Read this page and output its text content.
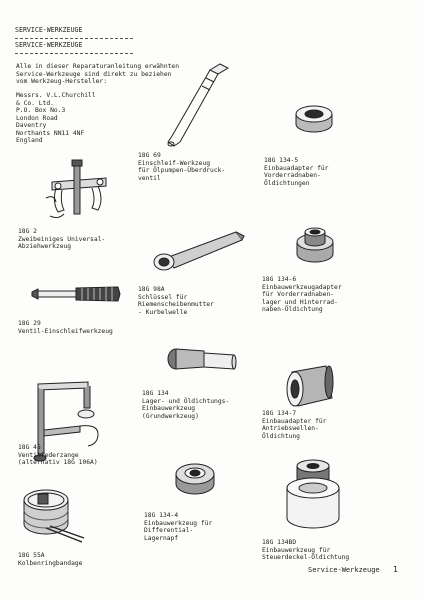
SERVICE-WERKZEUGE
SERVICE-WERKZEUGE
Alle in dieser Reparaturanleitung erwähnten
Service-Werkzeuge sind direkt zu beziehen
vom Werkzeug-Hersteller:
Messrs. V.L.Churchill
& Co. Ltd.
P.O. Box No.3
London Road
Daventry
Northants NN11 4NF
England
18G 69
Einschleif-Werkzeug
für Ölpumpen-Überdruck-
ventil
18G 134-5
Einbauadapter für
Vorderradnaben-
Öldichtungen
18G 2
Zweibeiniges Universal-
Abziehwerkzeug
18G 98A
Schlüssel für
Riemenscheibenmutter
- Kurbelwelle
18G 134-6
Einbauwerkzeugadapter
für Vorderradnaben-
lager und Hinterrad-
naben-Öldichtung
18G 29
Ventil-Einschleifwerkzeug
18G 134
Lager- und Öldichtungs-
Einbauwerkzeug
(Grundwerkzeug)
18G 45
Ventilfederzange
(alternativ 18G 106A)
18G 134-7
Einbauadapter für
Antriebswellen-
Öldichtung
18G 134-4
Einbauwerkzeug für
Differential-
Lagernapf
18G 55A
Kolbenringbandage
18G 134BD
Einbauwerkzeug für
Steuerdeckel-Öldichtung
Service-Werkzeuge 1
